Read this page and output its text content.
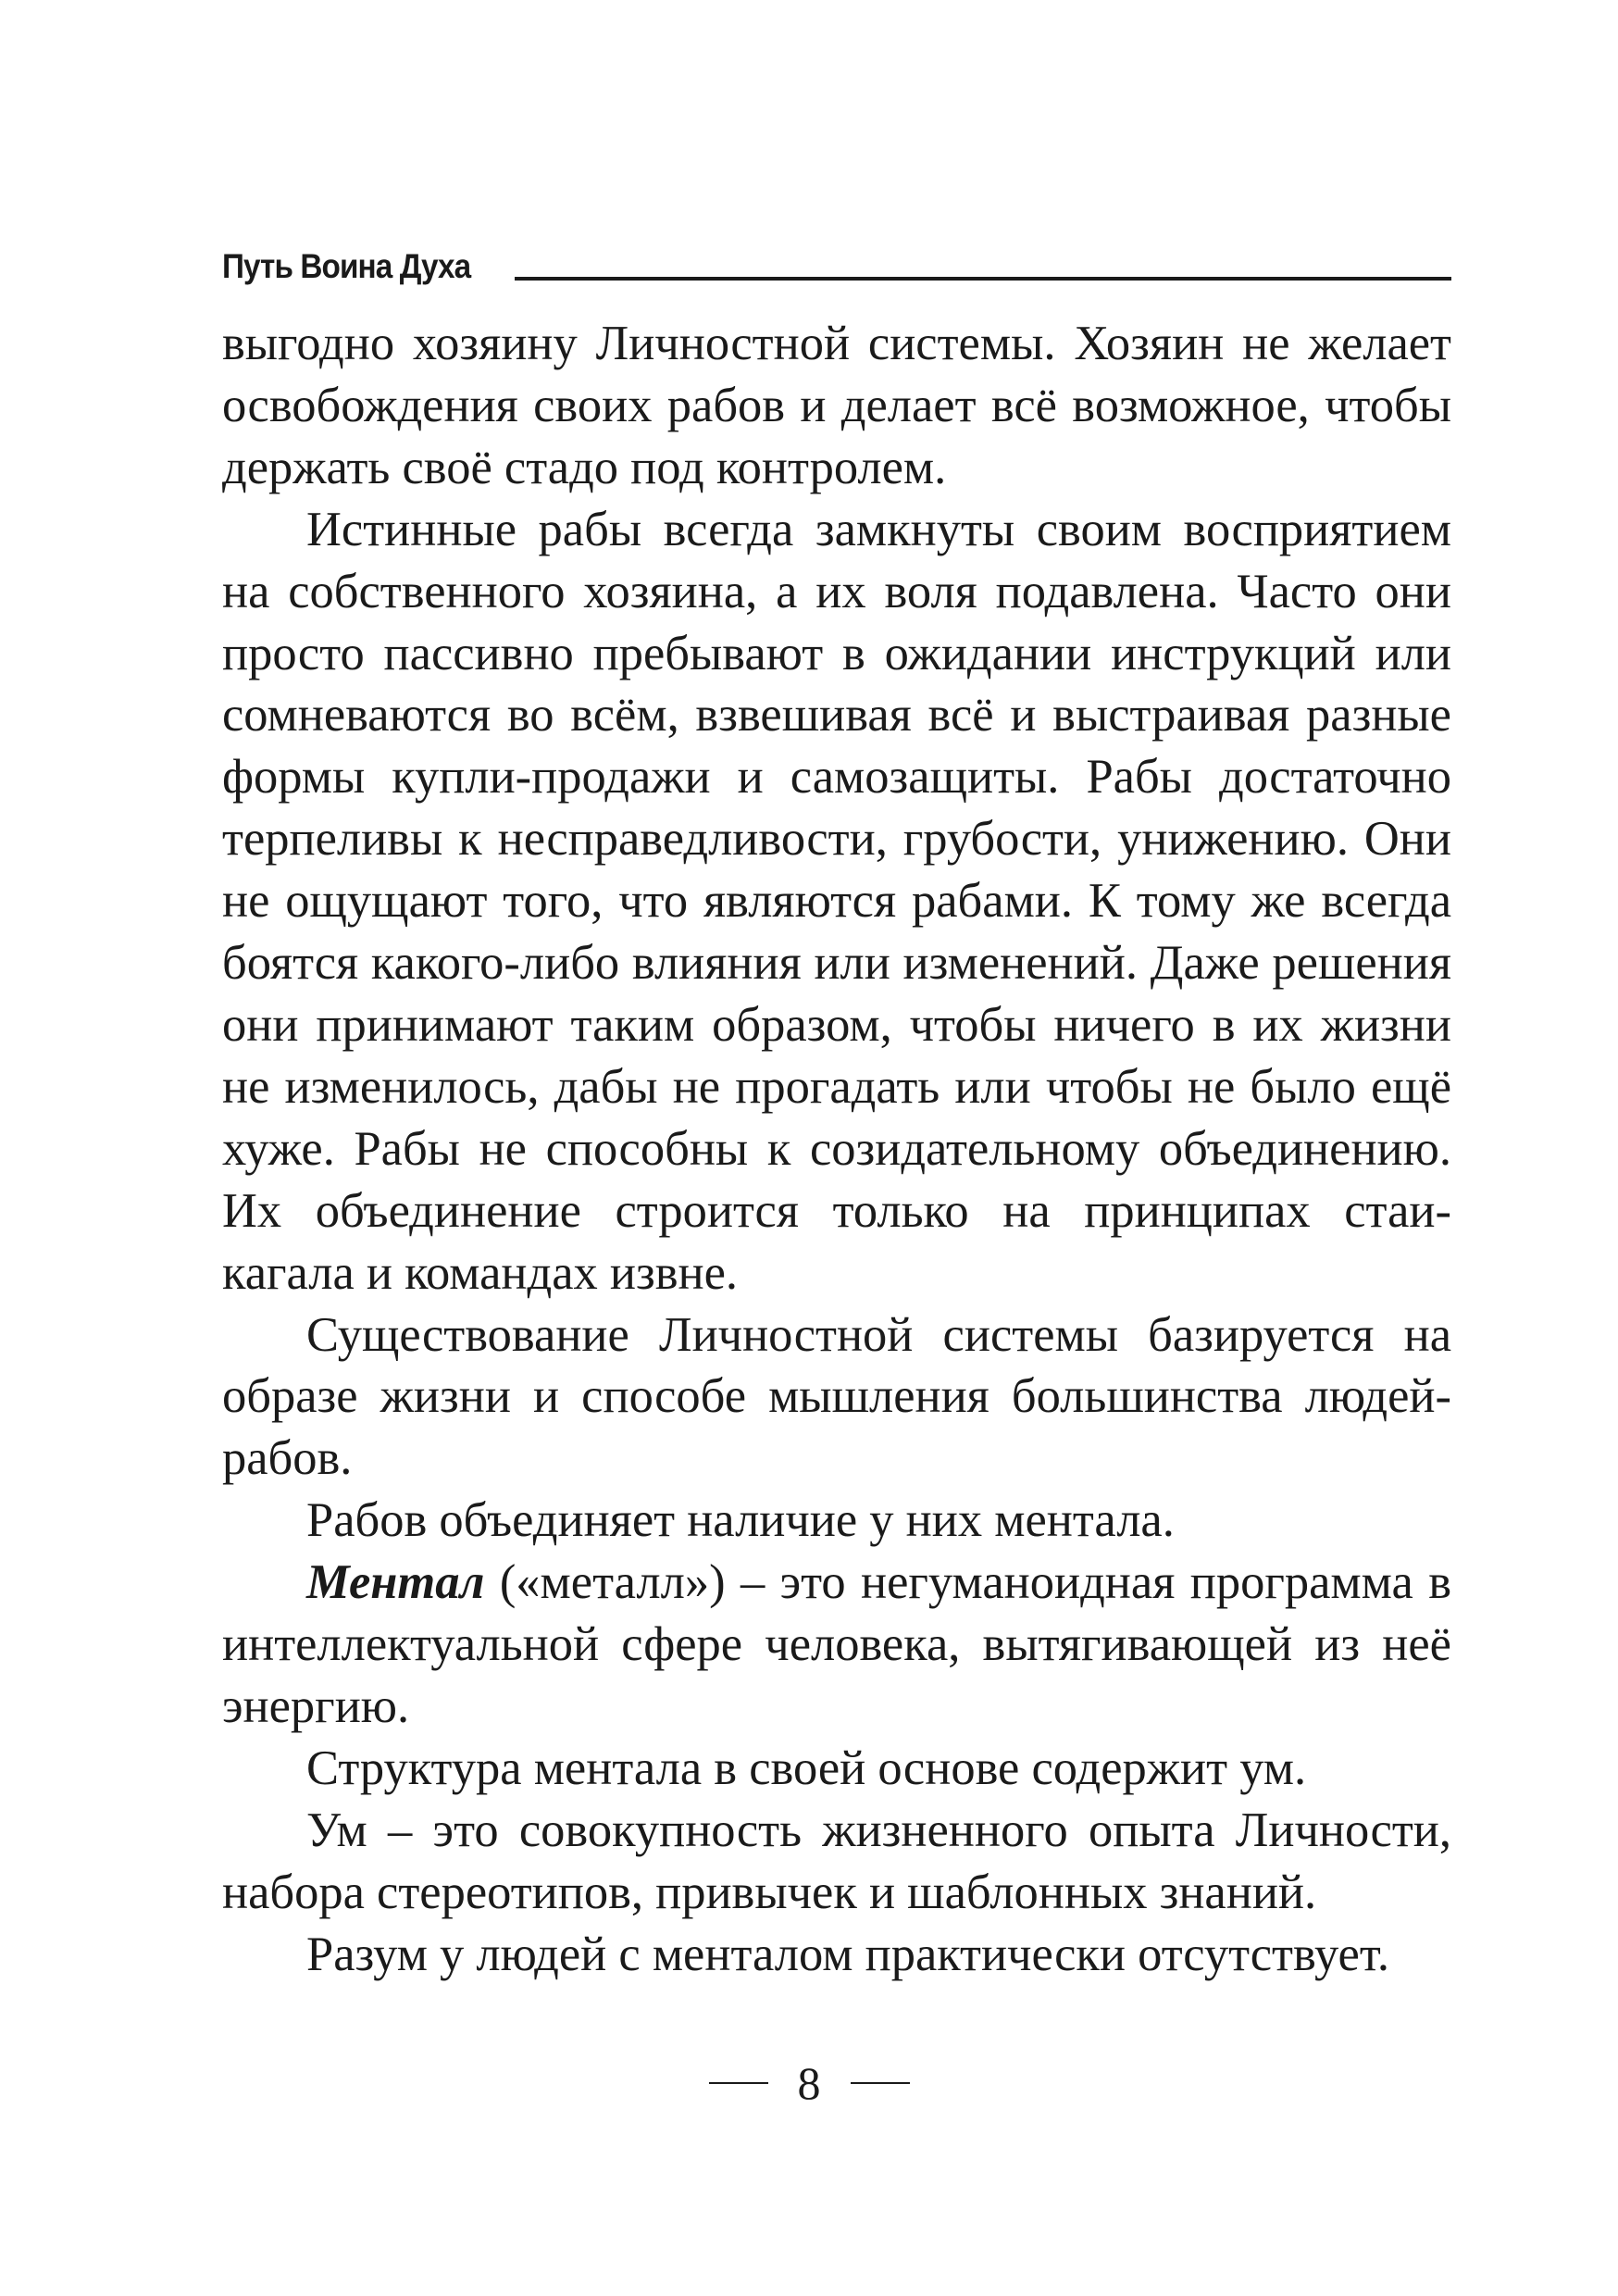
Путь Воина Духа

выгодно хозяину Личностной системы. Хозяин не желает освобождения своих рабов и делает всё возможное, чтобы держать своё стадо под контролем.

Истинные рабы всегда замкнуты своим восприятием на собственного хозяина, а их воля подавлена. Часто они просто пассивно пребывают в ожидании инструкций или сомневаются во всём, взвешивая всё и выстраивая разные формы купли-продажи и самозащиты. Рабы достаточно терпеливы к несправедливости, грубости, унижению. Они не ощущают того, что являются рабами. К тому же всегда боятся какого-либо влияния или изменений. Даже решения они принимают таким образом, чтобы ничего в их жизни не изменилось, дабы не прогадать или чтобы не было ещё хуже. Рабы не способны к созидательному объединению. Их объединение строится только на принципах стаи-кагала и командах извне.

Существование Личностной системы базируется на образе жизни и способе мышления большинства людей-рабов.

Рабов объединяет наличие у них ментала.

Ментал («металл») – это негуманоидная программа в интеллектуальной сфере человека, вытягивающей из неё энергию.

Структура ментала в своей основе содержит ум.

Ум – это совокупность жизненного опыта Личности, набора стереотипов, привычек и шаблонных знаний.

Разум у людей с менталом практически отсутствует.

8
